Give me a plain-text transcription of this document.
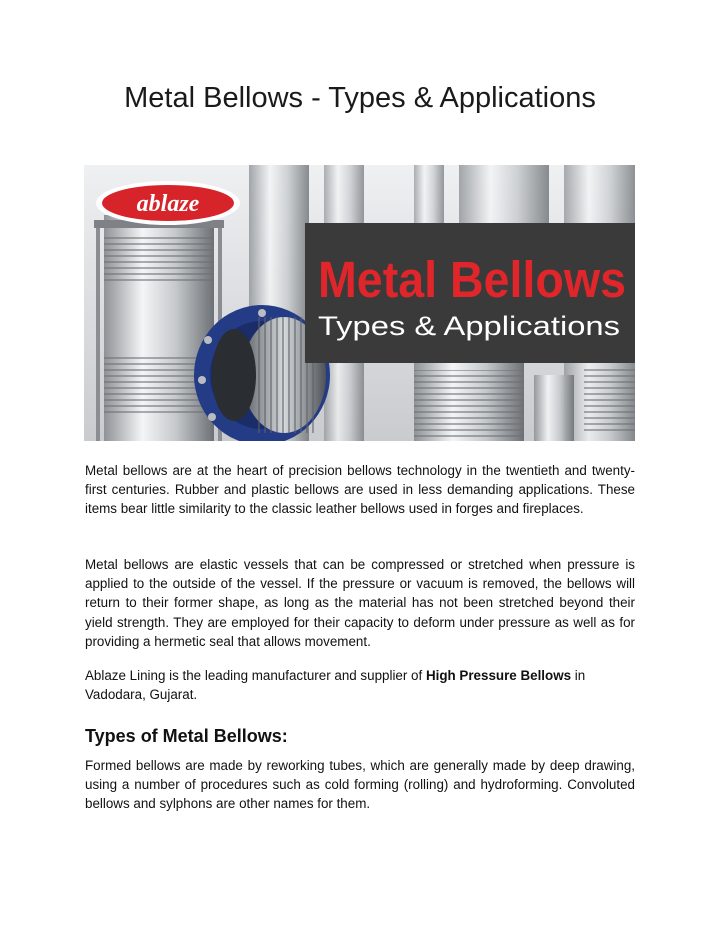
Metal Bellows - Types & Applications
ablaze
Metal Bellows
Types & Applications

Metal bellows are at the heart of precision bellows technology in the twentieth and twenty-first centuries. Rubber and plastic bellows are used in less demanding applications. These items bear little similarity to the classic leather bellows used in forges and fireplaces.

Metal bellows are elastic vessels that can be compressed or stretched when pressure is applied to the outside of the vessel. If the pressure or vacuum is removed, the bellows will return to their former shape, as long as the material has not been stretched beyond their yield strength. They are employed for their capacity to deform under pressure as well as for providing a hermetic seal that allows movement.

Ablaze Lining is the leading manufacturer and supplier of High Pressure Bellows in Vadodara, Gujarat.

Types of Metal Bellows:

Formed bellows are made by reworking tubes, which are generally made by deep drawing, using a number of procedures such as cold forming (rolling) and hydroforming. Convoluted bellows and sylphons are other names for them.
